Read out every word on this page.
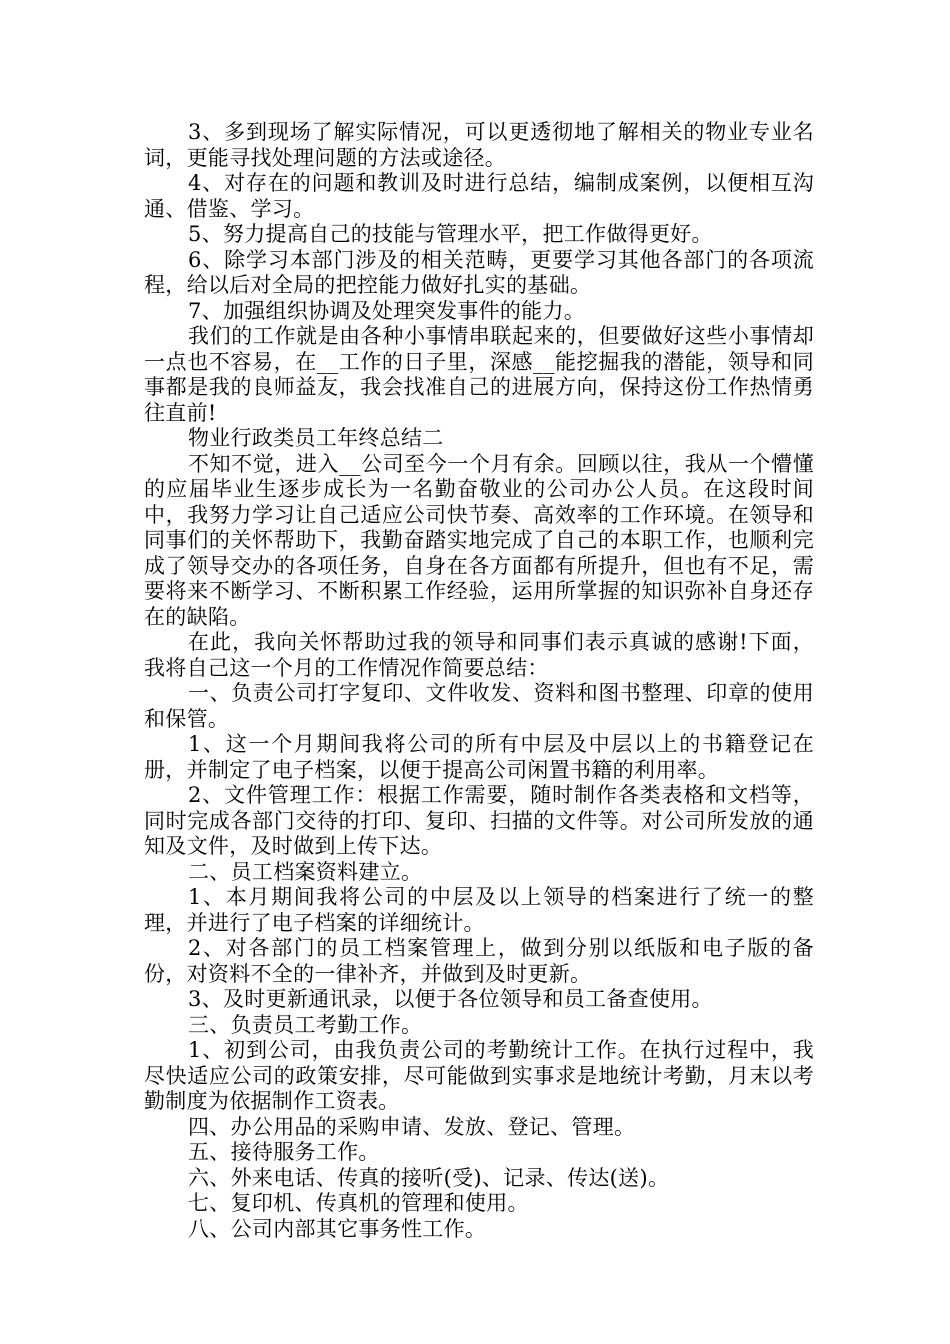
3、多到现场了解实际情况，可以更透彻地了解相关的物业专业名词，更能寻找处理问题的方法或途径。

4、对存在的问题和教训及时进行总结，编制成案例，以便相互沟通、借鉴、学习。

5、努力提高自己的技能与管理水平，把工作做得更好。

6、除学习本部门涉及的相关范畴，更要学习其他各部门的各项流程，给以后对全局的把控能力做好扎实的基础。

7、加强组织协调及处理突发事件的能力。

我们的工作就是由各种小事情串联起来的，但要做好这些小事情却一点也不容易，在__工作的日子里，深感__能挖掘我的潜能，领导和同事都是我的良师益友，我会找准自己的进展方向，保持这份工作热情勇往直前!

物业行政类员工年终总结二

不知不觉，进入__公司至今一个月有余。回顾以往，我从一个懵懂的应届毕业生逐步成长为一名勤奋敬业的公司办公人员。在这段时间中，我努力学习让自己适应公司快节奏、高效率的工作环境。在领导和同事们的关怀帮助下，我勤奋踏实地完成了自己的本职工作，也顺利完成了领导交办的各项任务，自身在各方面都有所提升，但也有不足，需要将来不断学习、不断积累工作经验，运用所掌握的知识弥补自身还存在的缺陷。

在此，我向关怀帮助过我的领导和同事们表示真诚的感谢!下面，我将自己这一个月的工作情况作简要总结：

一、负责公司打字复印、文件收发、资料和图书整理、印章的使用和保管。

1、这一个月期间我将公司的所有中层及中层以上的书籍登记在册，并制定了电子档案，以便于提高公司闲置书籍的利用率。

2、文件管理工作：根据工作需要，随时制作各类表格和文档等，同时完成各部门交待的打印、复印、扫描的文件等。对公司所发放的通知及文件，及时做到上传下达。

二、员工档案资料建立。

1、本月期间我将公司的中层及以上领导的档案进行了统一的整理，并进行了电子档案的详细统计。

2、对各部门的员工档案管理上，做到分别以纸版和电子版的备份，对资料不全的一律补齐，并做到及时更新。

3、及时更新通讯录，以便于各位领导和员工备查使用。

三、负责员工考勤工作。

1、初到公司，由我负责公司的考勤统计工作。在执行过程中，我尽快适应公司的政策安排，尽可能做到实事求是地统计考勤，月末以考勤制度为依据制作工资表。

四、办公用品的采购申请、发放、登记、管理。

五、接待服务工作。

六、外来电话、传真的接听(受)、记录、传达(送)。

七、复印机、传真机的管理和使用。

八、公司内部其它事务性工作。
